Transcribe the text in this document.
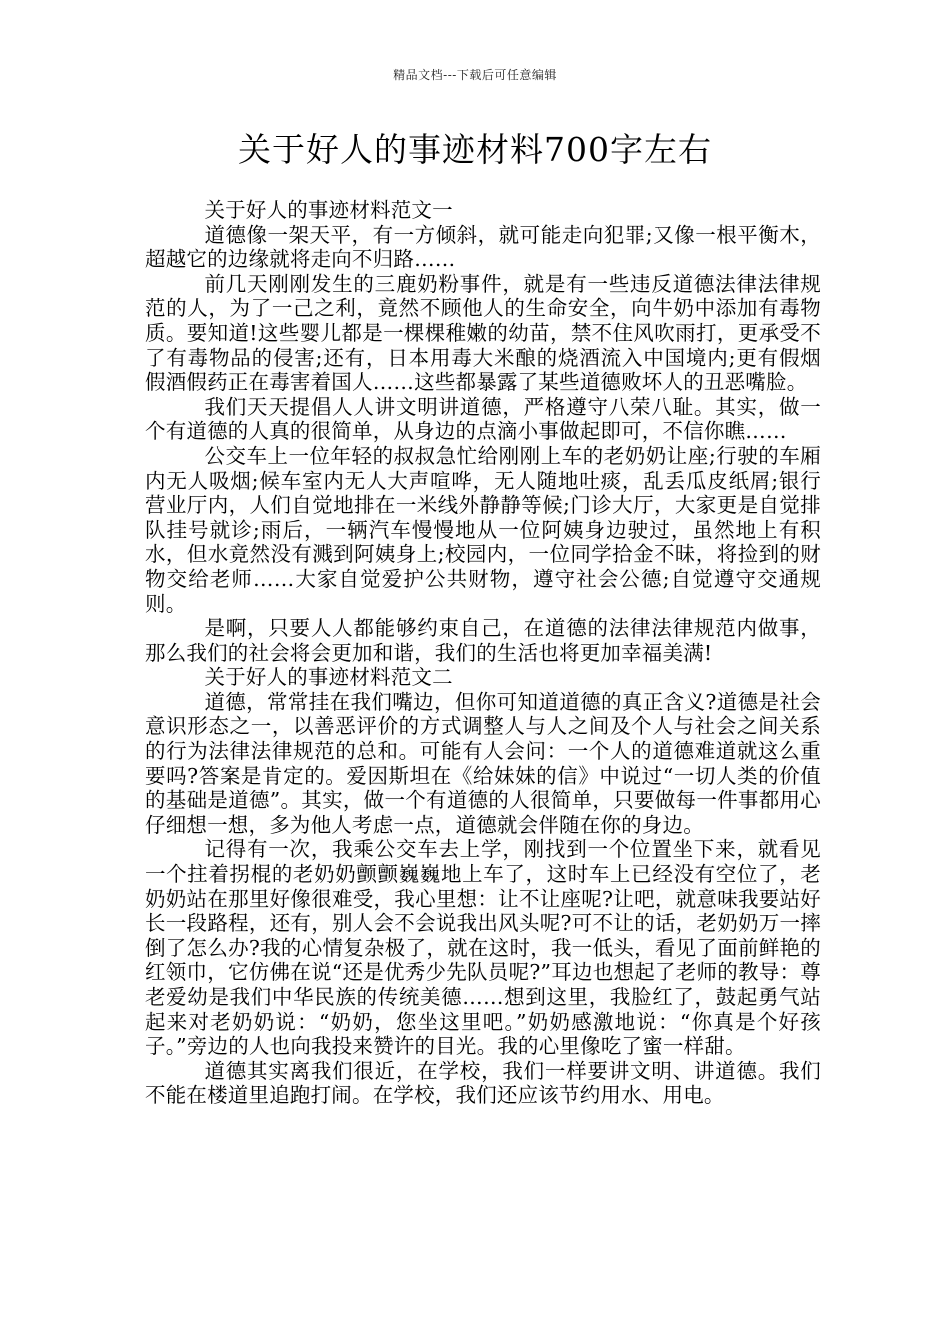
精品文档---下载后可任意编辑
关于好人的事迹材料700字左右

关于好人的事迹材料范文一

道德像一架天平，有一方倾斜，就可能走向犯罪;又像一根平衡木，超越它的边缘就将走向不归路……

前几天刚刚发生的三鹿奶粉事件，就是有一些违反道德法律法律规范的人，为了一己之利，竟然不顾他人的生命安全，向牛奶中添加有毒物质。要知道!这些婴儿都是一棵棵稚嫩的幼苗，禁不住风吹雨打，更承受不了有毒物品的侵害;还有，日本用毒大米酿的烧酒流入中国境内;更有假烟假酒假药正在毒害着国人……这些都暴露了某些道德败坏人的丑恶嘴脸。

我们天天提倡人人讲文明讲道德，严格遵守八荣八耻。其实，做一个有道德的人真的很简单，从身边的点滴小事做起即可，不信你瞧……

公交车上一位年轻的叔叔急忙给刚刚上车的老奶奶让座;行驶的车厢内无人吸烟;候车室内无人大声喧哗，无人随地吐痰，乱丢瓜皮纸屑;银行营业厅内，人们自觉地排在一米线外静静等候;门诊大厅，大家更是自觉排队挂号就诊;雨后，一辆汽车慢慢地从一位阿姨身边驶过，虽然地上有积水，但水竟然没有溅到阿姨身上;校园内，一位同学拾金不昧，将捡到的财物交给老师……大家自觉爱护公共财物，遵守社会公德;自觉遵守交通规则。

是啊，只要人人都能够约束自己，在道德的法律法律规范内做事，那么我们的社会将会更加和谐，我们的生活也将更加幸福美满!

关于好人的事迹材料范文二

道德，常常挂在我们嘴边，但你可知道道德的真正含义?道德是社会意识形态之一，以善恶评价的方式调整人与人之间及个人与社会之间关系的行为法律法律规范的总和。可能有人会问：一个人的道德难道就这么重要吗?答案是肯定的。爱因斯坦在《给妹妹的信》中说过“一切人类的价值的基础是道德”。其实，做一个有道德的人很简单，只要做每一件事都用心仔细想一想，多为他人考虑一点，道德就会伴随在你的身边。

记得有一次，我乘公交车去上学，刚找到一个位置坐下来，就看见一个拄着拐棍的老奶奶颤颤巍巍地上车了，这时车上已经没有空位了，老奶奶站在那里好像很难受，我心里想：让不让座呢?让吧，就意味我要站好长一段路程，还有，别人会不会说我出风头呢?可不让的话，老奶奶万一摔倒了怎么办?我的心情复杂极了，就在这时，我一低头，看见了面前鲜艳的红领巾，它仿佛在说“还是优秀少先队员呢?”耳边也想起了老师的教导：尊老爱幼是我们中华民族的传统美德……想到这里，我脸红了，鼓起勇气站起来对老奶奶说：“奶奶，您坐这里吧。”奶奶感激地说：“你真是个好孩子。”旁边的人也向我投来赞许的目光。我的心里像吃了蜜一样甜。

道德其实离我们很近，在学校，我们一样要讲文明、讲道德。我们不能在楼道里追跑打闹。在学校，我们还应该节约用水、用电。
